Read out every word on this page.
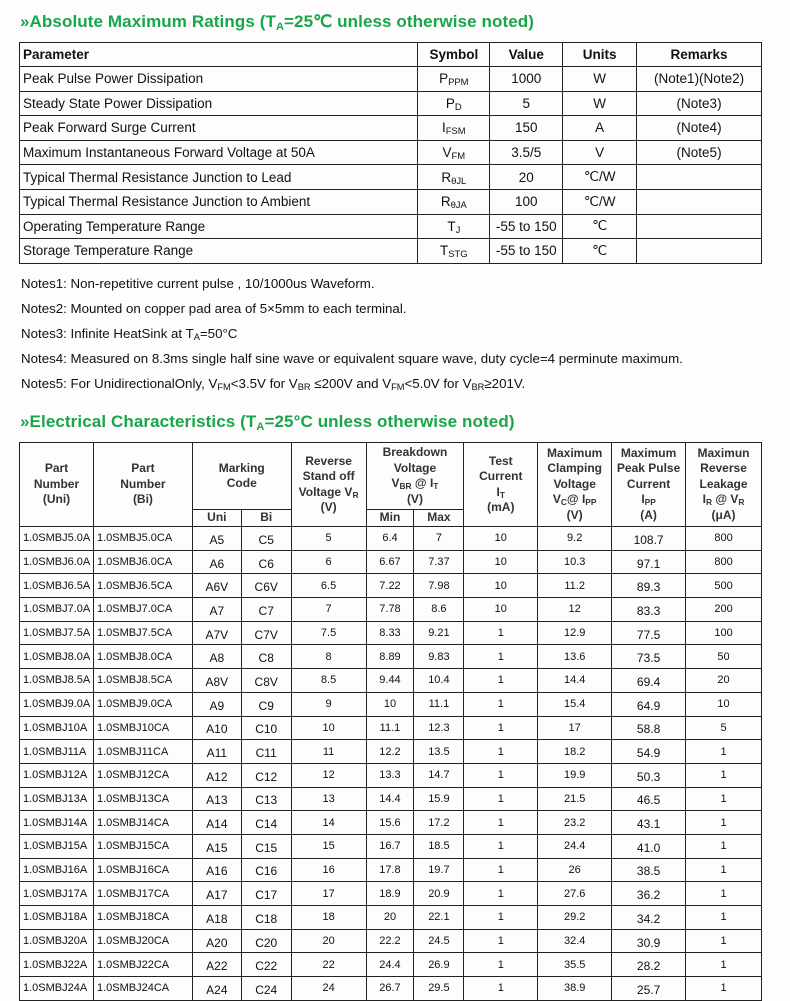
»Absolute Maximum Ratings ($T_A=25℃$ unless otherwise noted)
Parameter	Symbol	Value	Units	Remarks
Peak Pulse Power Dissipation	$P_{PPM}$	1000	W	(Note1)(Note2)
Steady State Power Dissipation	$P_D$	5	W	(Note3)
Peak Forward Surge Current	$I_{FSM}$	150	A	(Note4)
Maximum Instantaneous Forward Voltage at 50A	$V_{FM}$	3.5/5	V	(Note5)
Typical Thermal Resistance Junction to Lead	$R_{\theta JL}$	20	℃/W	
Typical Thermal Resistance Junction to Ambient	$R_{\theta JA}$	100	℃/W	
Operating Temperature Range	$T_J$	-55 to 150	℃	
Storage Temperature Range	$T_{STG}$	-55 to 150	℃	
Notes1: Non-repetitive current pulse , 10/1000us Waveform.
Notes2: Mounted on copper pad area of 5×5mm to each terminal.
Notes3: Infinite HeatSink at $T_A=50^\circ C$
Notes4: Measured on 8.3ms single half sine wave or equivalent square wave, duty cycle=4 perminute maximum.
Notes5: For UnidirectionalOnly, $V_{FM}<3.5V$ for $V_{BR} \le 200V$ and $V_{FM}<5.0V$ for $V_{BR}\ge 201V$.
»Electrical Characteristics ($T_A=25^\circ C$ unless otherwise noted)
Part
Number
(Uni)	Part
Number
(Bi)	Marking
Code		Reverse
Stand off
Voltage $V_R$
(V)	Breakdown
Voltage
$V_{BR}$ @ $I_T$
(V)		Test
Current
$I_T$
(mA)	Maximum
Clamping
Voltage
$V_C@$ $I_{PP}$
(V)	Maximum
Peak Pulse
Current
$I_{PP}$
(A)	Maximun
Reverse
Leakage
$I_R$ @ $V_R$
(μA)
		Uni	Bi		Min	Max				
1.0SMBJ5.0A	1.0SMBJ5.0CA	A5	C5	5	6.4	7	10	9.2	108.7	800
1.0SMBJ6.0A	1.0SMBJ6.0CA	A6	C6	6	6.67	7.37	10	10.3	97.1	800
1.0SMBJ6.5A	1.0SMBJ6.5CA	A6V	C6V	6.5	7.22	7.98	10	11.2	89.3	500
1.0SMBJ7.0A	1.0SMBJ7.0CA	A7	C7	7	7.78	8.6	10	12	83.3	200
1.0SMBJ7.5A	1.0SMBJ7.5CA	A7V	C7V	7.5	8.33	9.21	1	12.9	77.5	100
1.0SMBJ8.0A	1.0SMBJ8.0CA	A8	C8	8	8.89	9.83	1	13.6	73.5	50
1.0SMBJ8.5A	1.0SMBJ8.5CA	A8V	C8V	8.5	9.44	10.4	1	14.4	69.4	20
1.0SMBJ9.0A	1.0SMBJ9.0CA	A9	C9	9	10	11.1	1	15.4	64.9	10
1.0SMBJ10A	1.0SMBJ10CA	A10	C10	10	11.1	12.3	1	17	58.8	5
1.0SMBJ11A	1.0SMBJ11CA	A11	C11	11	12.2	13.5	1	18.2	54.9	1
1.0SMBJ12A	1.0SMBJ12CA	A12	C12	12	13.3	14.7	1	19.9	50.3	1
1.0SMBJ13A	1.0SMBJ13CA	A13	C13	13	14.4	15.9	1	21.5	46.5	1
1.0SMBJ14A	1.0SMBJ14CA	A14	C14	14	15.6	17.2	1	23.2	43.1	1
1.0SMBJ15A	1.0SMBJ15CA	A15	C15	15	16.7	18.5	1	24.4	41.0	1
1.0SMBJ16A	1.0SMBJ16CA	A16	C16	16	17.8	19.7	1	26	38.5	1
1.0SMBJ17A	1.0SMBJ17CA	A17	C17	17	18.9	20.9	1	27.6	36.2	1
1.0SMBJ18A	1.0SMBJ18CA	A18	C18	18	20	22.1	1	29.2	34.2	1
1.0SMBJ20A	1.0SMBJ20CA	A20	C20	20	22.2	24.5	1	32.4	30.9	1
1.0SMBJ22A	1.0SMBJ22CA	A22	C22	22	24.4	26.9	1	35.5	28.2	1
1.0SMBJ24A	1.0SMBJ24CA	A24	C24	24	26.7	29.5	1	38.9	25.7	1
